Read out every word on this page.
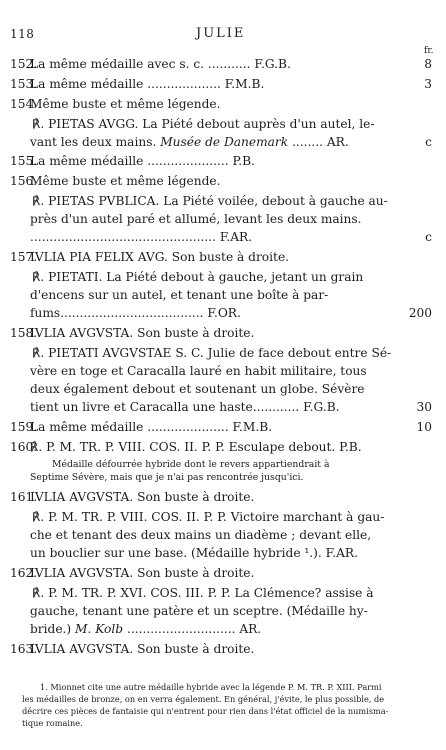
118	JULIE
fr.
152.
La même médaille avec s. c. ........... F.G.B.	8
153.
La même médaille ................... F.M.B.	3
154.
Même buste et même légende.
℟. PIETAS AVGG. La Piété debout auprès d'un autel, le-
vant les deux mains. Musée de Danemark ........ AR.	c
155.
La même médaille ..................... P.B.
156.
Même buste et même légende.
℟. PIETAS PVBLICA. La Piété voilée, debout à gauche au-
près d'un autel paré et allumé, levant les deux mains.
................................................ F.AR.	c
157.
IVLIA PIA FELIX AVG. Son buste à droite.
℟. PIETATI. La Piété debout à gauche, jetant un grain
d'encens sur un autel, et tenant une boîte à par-
fums..................................... F.OR.	200
158.
IVLIA AVGVSTA. Son buste à droite.
℟. PIETATI AVGVSTAE S. C. Julie de face debout entre Sé-
vère en toge et Caracalla lauré en habit militaire, tous
deux également debout et soutenant un globe. Sévère
tient un livre et Caracalla une haste............ F.G.B.	30
159.
La même médaille ..................... F.M.B.	10
160.
℟. P. M. TR. P. VIII. COS. II. P. P. Esculape debout. P.B.
Médaille défourrée hybride dont le revers appartiendrait à
Septime Sévère, mais que je n'ai pas rencontrée jusqu'ici.
161.
IVLIA AVGVSTA. Son buste à droite.
℟. P. M. TR. P. VIII. COS. II. P. P. Victoire marchant à gau-
che et tenant des deux mains un diadème ; devant elle,
un bouclier sur une base. (Médaille hybride ¹.). F.AR.
162.
IVLIA AVGVSTA. Son buste à droite.
℟. P. M. TR. P. XVI. COS. III. P. P. La Clémence? assise à
gauche, tenant une patère et un sceptre. (Médaille hy-
bride.) M. Kolb ............................ AR.
163.
IVLIA AVGVSTA. Son buste à droite.
1. Mionnet cite une autre médaille hybride avec la légende P. M. TR. P. XIII. Parmi
les médailles de bronze, on en verra également. En général, j'évite, le plus possible, de
décrire ces pièces de fantaisie qui n'entrent pour rien dans l'état officiel de la numisma-
tique romaine.
